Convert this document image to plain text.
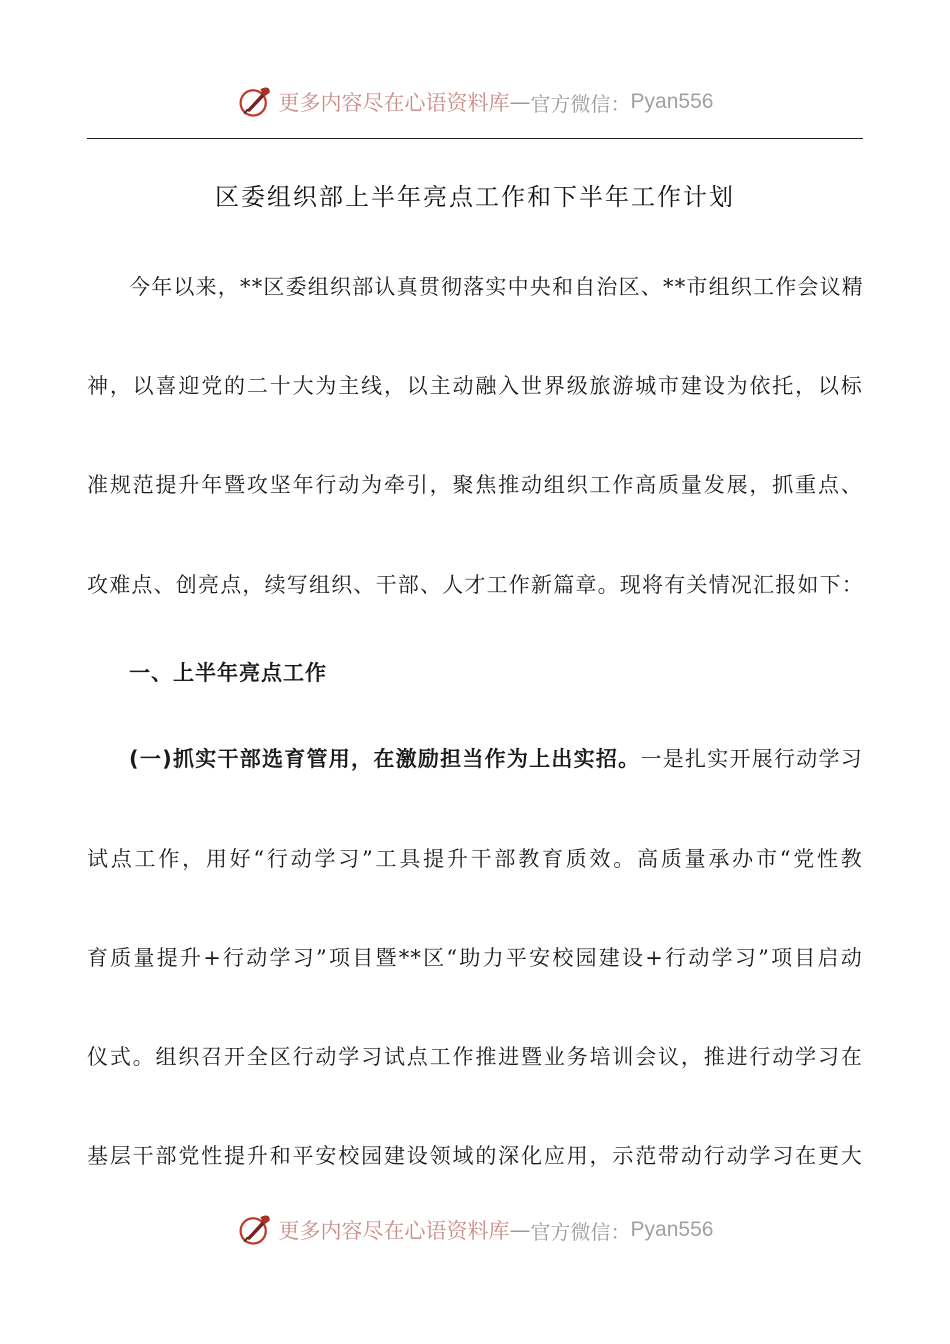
更多内容尽在心语资料库 — 官方微信： Pyan556
区委组织部上半年亮点工作和下半年工作计划
今年以来，**区委组织部认真贯彻落实中央和自治区、**市组织工作会议精
神，以喜迎党的二十大为主线，以主动融入世界级旅游城市建设为依托，以标
准规范提升年暨攻坚年行动为牵引，聚焦推动组织工作高质量发展，抓重点、
攻难点、创亮点，续写组织、干部、人才工作新篇章。现将有关情况汇报如下：
一、上半年亮点工作
(一)抓实干部选育管用，在激励担当作为上出实招。一是扎实开展行动学习
试点工作，用好“行动学习”工具提升干部教育质效。高质量承办市“党性教
育质量提升+行动学习”项目暨**区“助力平安校园建设+行动学习”项目启动
仪式。组织召开全区行动学习试点工作推进暨业务培训会议，推进行动学习在
基层干部党性提升和平安校园建设领域的深化应用，示范带动行动学习在更大
更多内容尽在心语资料库 — 官方微信： Pyan556
